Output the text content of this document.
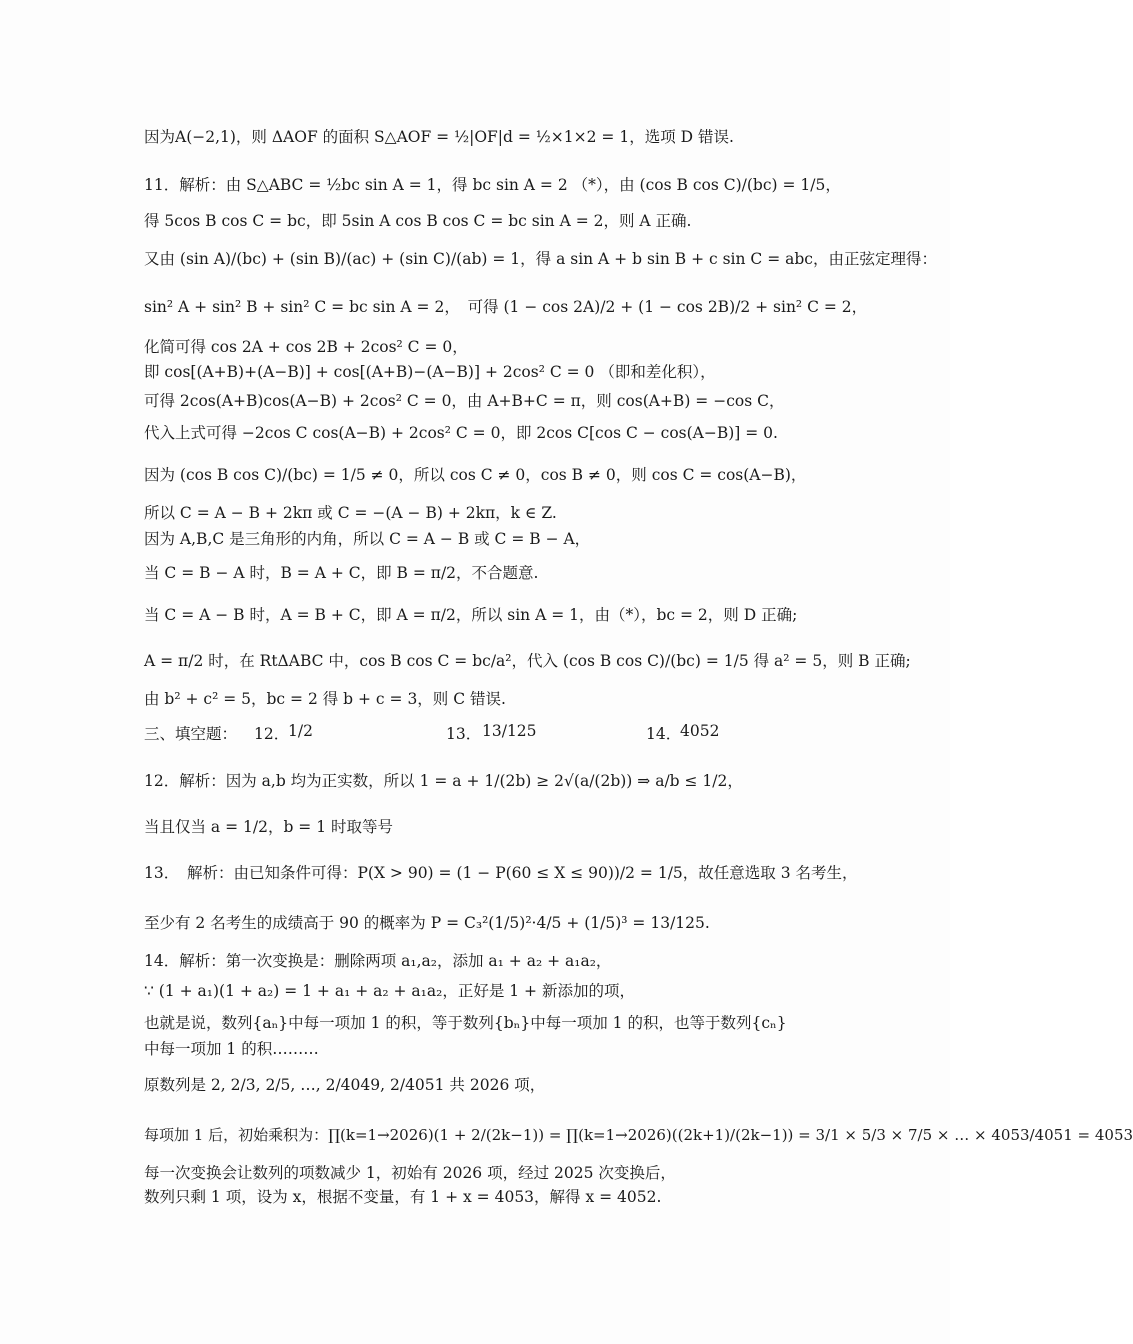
因为A(−2,1)，则 ΔAOF 的面积 S△AOF = ½|OF|d = ½×1×2 = 1，选项 D 错误.
11．解析：由 S△ABC = ½bc sin A = 1，得 bc sin A = 2 （*），由 (cos B cos C)/(bc) = 1/5，
得 5cos B cos C = bc，即 5sin A cos B cos C = bc sin A = 2，则 A 正确.
又由 (sin A)/(bc) + (sin B)/(ac) + (sin C)/(ab) = 1，得 a sin A + b sin B + c sin C = abc，由正弦定理得：
sin² A + sin² B + sin² C = bc sin A = 2，　可得 (1 − cos 2A)/2 + (1 − cos 2B)/2 + sin² C = 2，
化简可得 cos 2A + cos 2B + 2cos² C = 0，
即 cos[(A+B)+(A−B)] + cos[(A+B)−(A−B)] + 2cos² C = 0 （即和差化积），
可得 2cos(A+B)cos(A−B) + 2cos² C = 0，由 A+B+C = π，则 cos(A+B) = −cos C，
代入上式可得 −2cos C cos(A−B) + 2cos² C = 0，即 2cos C[cos C − cos(A−B)] = 0.
因为 (cos B cos C)/(bc) = 1/5 ≠ 0，所以 cos C ≠ 0，cos B ≠ 0，则 cos C = cos(A−B)，
所以 C = A − B + 2kπ 或 C = −(A − B) + 2kπ，k ∈ Z.
因为 A,B,C 是三角形的内角，所以 C = A − B 或 C = B − A，
当 C = B − A 时，B = A + C，即 B = π/2，不合题意.
当 C = A − B 时，A = B + C，即 A = π/2，所以 sin A = 1，由（*），bc = 2，则 D 正确;
A = π/2 时，在 RtΔABC 中，cos B cos C = bc/a²，代入 (cos B cos C)/(bc) = 1/5 得 a² = 5，则 B 正确;
由 b² + c² = 5，bc = 2 得 b + c = 3，则 C 错误.
三、填空题： 12．
1/2	13． 13/125	14．
4052
12．解析：因为 a,b 均为正实数，所以 1 = a + 1/(2b) ≥ 2√(a/(2b)) ⇒ a/b ≤ 1/2，
当且仅当 a = 1/2，b = 1 时取等号
13．　解析：由已知条件可得：P(X > 90) = (1 − P(60 ≤ X ≤ 90))/2 = 1/5，故任意选取 3 名考生，
至少有 2 名考生的成绩高于 90 的概率为 P = C₃²(1/5)²·4/5 + (1/5)³ = 13/125.
14．解析：第一次变换是：删除两项 a₁,a₂，添加 a₁ + a₂ + a₁a₂，
∵ (1 + a₁)(1 + a₂) = 1 + a₁ + a₂ + a₁a₂，正好是 1 + 新添加的项，
也就是说，数列{aₙ}中每一项加 1 的积，等于数列{bₙ}中每一项加 1 的积，也等于数列{cₙ}
中每一项加 1 的积………
原数列是 2, 2/3, 2/5, …, 2/4049, 2/4051 共 2026 项，
每项加 1 后，初始乘积为：∏(k=1→2026)(1 + 2/(2k−1)) = ∏(k=1→2026)((2k+1)/(2k−1)) = 3/1 × 5/3 × 7/5 × … × 4053/4051 = 4053
每一次变换会让数列的项数减少 1，初始有 2026 项，经过 2025 次变换后，
数列只剩 1 项，设为 x，根据不变量，有 1 + x = 4053，解得 x = 4052.
